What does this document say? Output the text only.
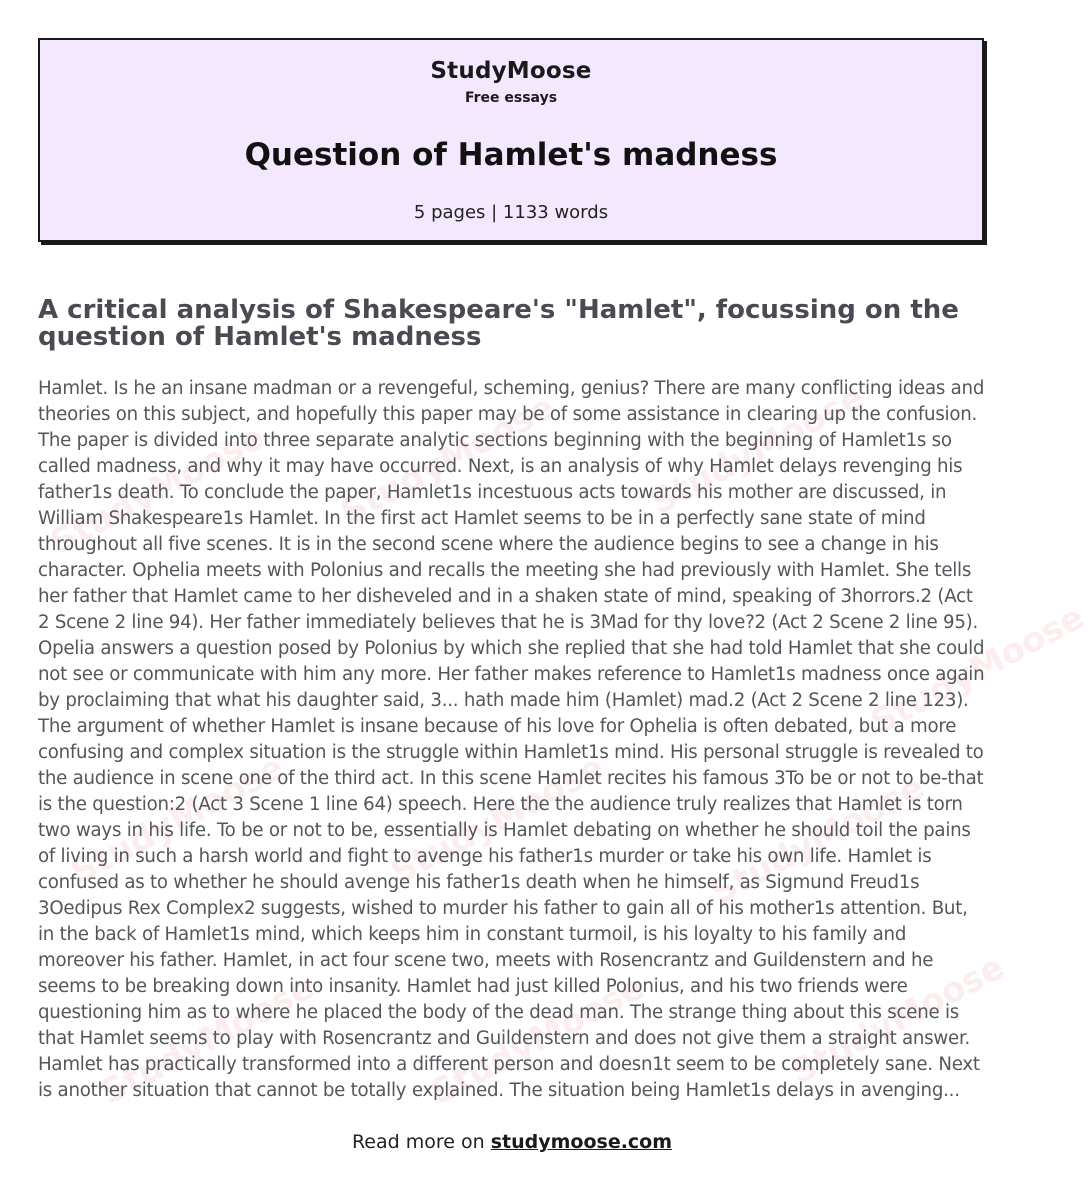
StudyMoose StudyMoose StudyMoose
StudyMoose
StudyMoose	StudyMoose	StudyMoose
StudyMoose	StudyMoose	StudyMoose
StudyMoose
Free essays
Question of Hamlet's madness
5 pages | 1133 words
A critical analysis of Shakespeare's "Hamlet", focussing on the question of Hamlet's madness

Hamlet. Is he an insane madman or a revengeful, scheming, genius? There are many conflicting ideas and theories on this subject, and hopefully this paper may be of some assistance in clearing up the confusion. The paper is divided into three separate analytic sections beginning with the beginning of Hamlet1s so called madness, and why it may have occurred. Next, is an analysis of why Hamlet delays revenging his father1s death. To conclude the paper, Hamlet1s incestuous acts towards his mother are discussed, in William Shakespeare1s Hamlet. In the first act Hamlet seems to be in a perfectly sane state of mind throughout all five scenes. It is in the second scene where the audience begins to see a change in his character. Ophelia meets with Polonius and recalls the meeting she had previously with Hamlet. She tells her father that Hamlet came to her disheveled and in a shaken state of mind, speaking of 3horrors.2 (Act 2 Scene 2 line 94). Her father immediately believes that he is 3Mad for thy love?2 (Act 2 Scene 2 line 95). Opelia answers a question posed by Polonius by which she replied that she had told Hamlet that she could not see or communicate with him any more. Her father makes reference to Hamlet1s madness once again by proclaiming that what his daughter said, 3... hath made him (Hamlet) mad.2 (Act 2 Scene 2 line 123). The argument of whether Hamlet is insane because of his love for Ophelia is often debated, but a more confusing and complex situation is the struggle within Hamlet1s mind. His personal struggle is revealed to the audience in scene one of the third act. In this scene Hamlet recites his famous 3To be or not to be-that is the question:2 (Act 3 Scene 1 line 64) speech. Here the the audience truly realizes that Hamlet is torn two ways in his life. To be or not to be, essentially is Hamlet debating on whether he should toil the pains of living in such a harsh world and fight to avenge his father1s murder or take his own life. Hamlet is confused as to whether he should avenge his father1s death when he himself, as Sigmund Freud1s 3Oedipus Rex Complex2 suggests, wished to murder his father to gain all of his mother1s attention. But, in the back of Hamlet1s mind, which keeps him in constant turmoil, is his loyalty to his family and moreover his father. Hamlet, in act four scene two, meets with Rosencrantz and Guildenstern and he seems to be breaking down into insanity. Hamlet had just killed Polonius, and his two friends were questioning him as to where he placed the body of the dead man. The strange thing about this scene is that Hamlet seems to play with Rosencrantz and Guildenstern and does not give them a straight answer. Hamlet has practically transformed into a different person and doesn1t seem to be completely sane. Next is another situation that cannot be totally explained. The situation being Hamlet1s delays in avenging...

Read more on studymoose.com
